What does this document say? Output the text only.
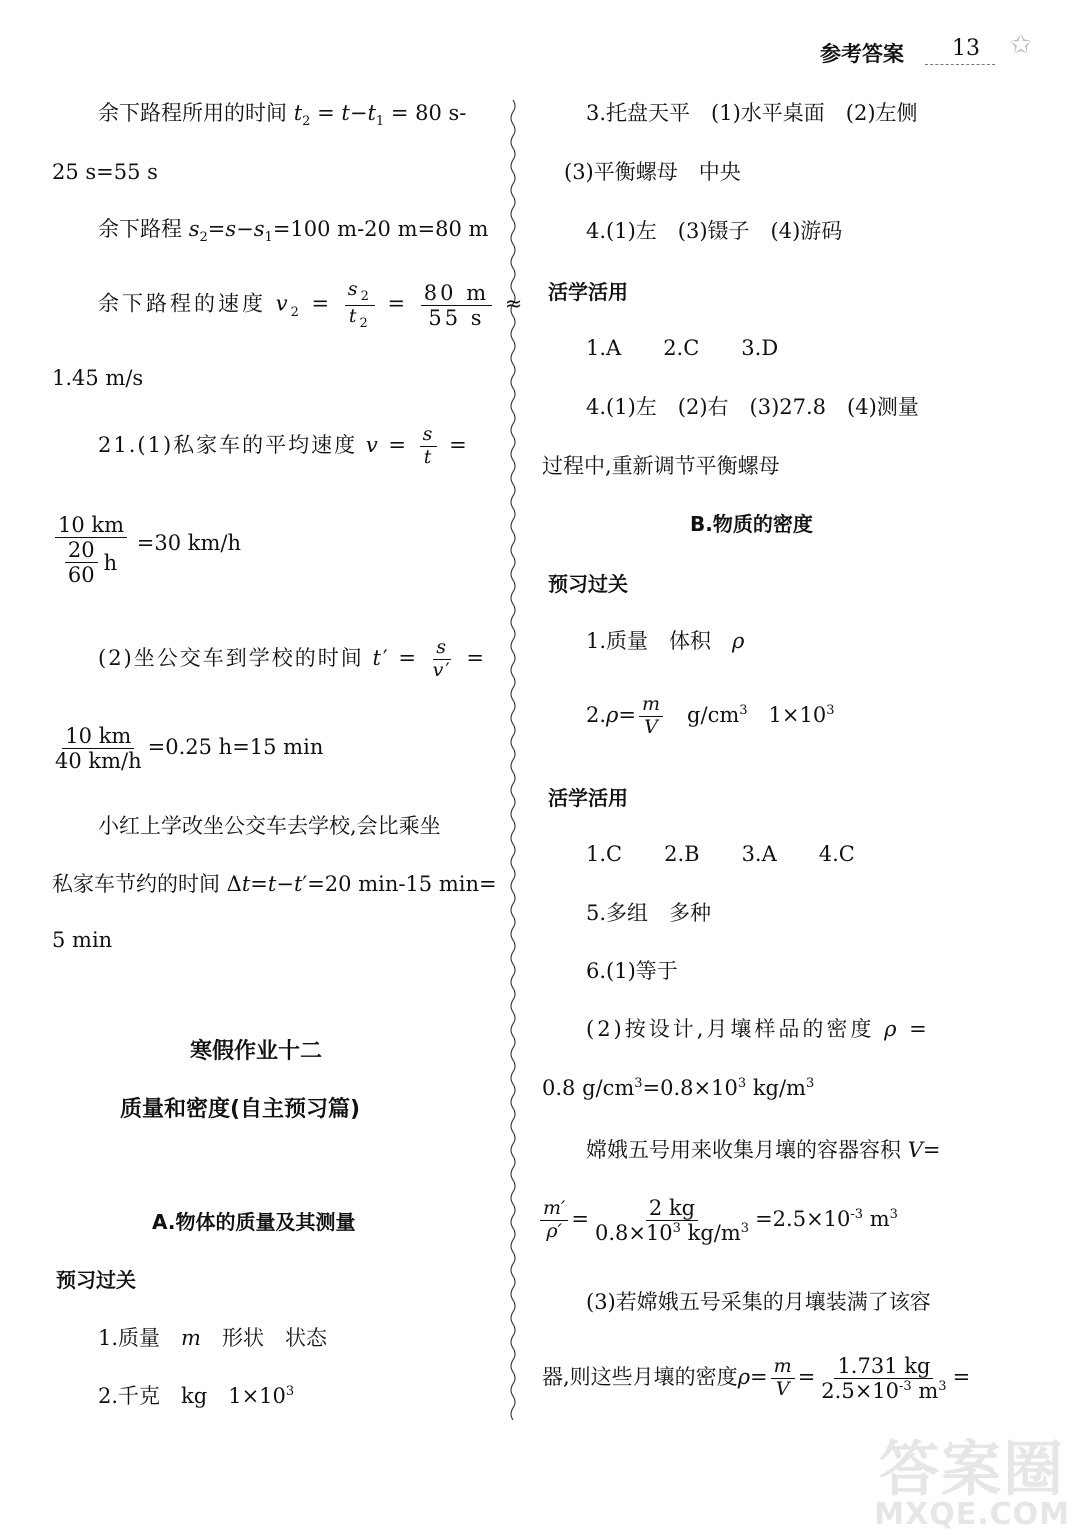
参考答案 13 ✩
余下路程所用的时间 $t_2 = t-t_1 = 80$ s-
25 s=55 s
余下路程 $s_2=s-s_1=100$ m-20 m=80 m
余下路程的速度 $v_2 = \frac{s_2}{t_2} = \frac{80 m}{55 s}$ ≈
1.45 m/s
21.(1)私家车的平均速度 $v = \frac{s}{t}$ =
$\frac{10 km}{\frac{20}{60} h} =30$ km/h
(2)坐公交车到学校的时间 $t' = \frac{s}{v'}$ =
$\frac{10 km}{40 km/h} =0.25$ h=15 min
小红上学改坐公交车去学校,会比乘坐
私家车节约的时间 Δt=t−t′=20 min-15 min=
5 min
寒假作业十二
质量和密度(自主预习篇)
A.物体的质量及其测量
预习过关
1.质量　 m　 形状　状态
2.千克　kg　$1\times 10^3$
3.托盘天平　(1)水平桌面　(2)左侧
(3)平衡螺母　中央
4.(1)左　(3)镊子　(4)游码
活学活用
1.A　　2.C　　3.D
4.(1)左　(2)右　(3)27.8　(4)测量
过程中,重新调节平衡螺母
B.物质的密度
预习过关
1.质量　体积　 ρ
$2.\rho= \frac{m}{V}$
　 $g/cm^3$　 $1\times 10^3$
活学活用
1.C　　2.B　　3.A　　4.C
5.多组　多种
6.(1)等于
(2)按设计,月壤样品的密度 ρ =
0.8 $g/cm^3=0.8\times 10^3$ $kg/m^3$
嫦娥五号用来收集月壤的容器容积 V=
$\frac{m'}{\rho'} = \frac{2 kg}{0.8\times 10^3 kg/m^3} =2.5\times 10^{-3}$ $m^3$
(3)若嫦娥五号采集的月壤装满了该容
器,则这些月壤的密度$\rho= \frac{m}{V} = \frac{1.731 kg}{2.5\times 10^{-3} m^3}$ =
答案圈
MXQE.COM
